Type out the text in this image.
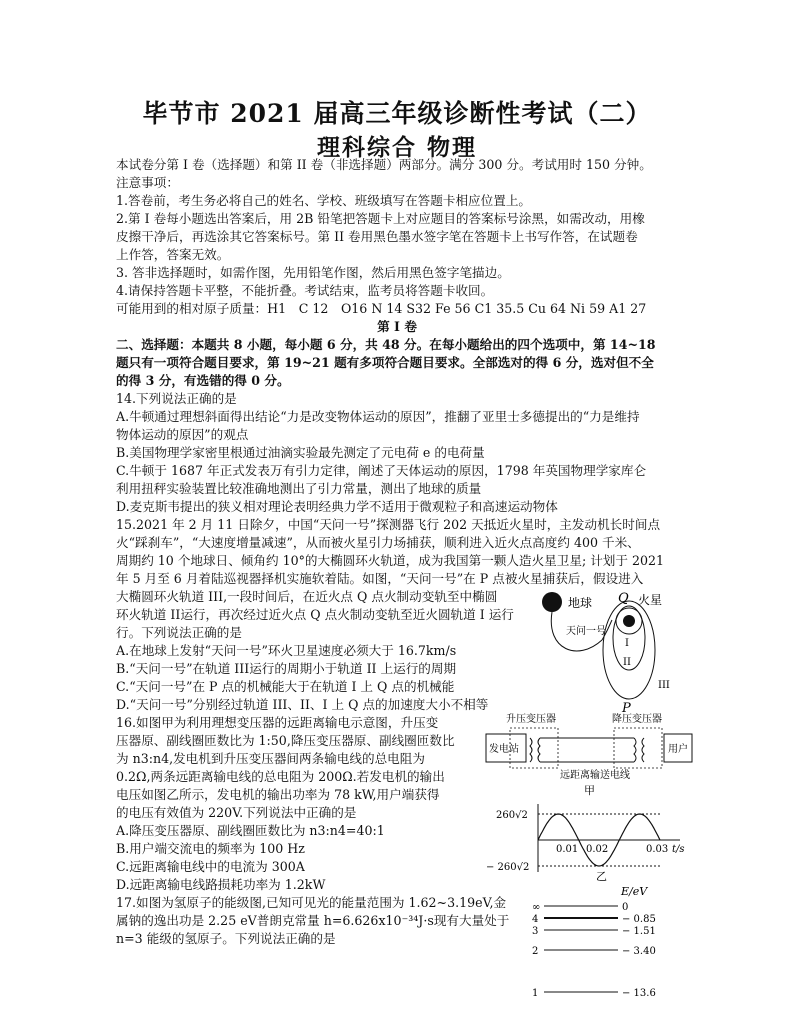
毕节市 2021 届高三年级诊断性考试（二）
理科综合 物理
本试卷分第 I 卷（选择题）和第 II 卷（非选择题）两部分。满分 300 分。考试用时 150 分钟。
注意事项：
1.答卷前，考生务必将自己的姓名、学校、班级填写在答题卡相应位置上。
2.第 I 卷每小题选出答案后，用 2B 铅笔把答题卡上对应题目的答案标号涂黑，如需改动，用橡
皮擦干净后，再选涂其它答案标号。第 II 卷用黑色墨水签字笔在答题卡上书写作答，在试题卷
上作答，答案无效。
3. 答非选择题时，如需作图，先用铅笔作图，然后用黑色签字笔描边。
4.请保持答题卡平整，不能折叠。考试结束，监考员将答题卡收回。
可能用到的相对原子质量：H1　C 12　O16 N 14 S32 Fe 56 C1 35.5 Cu 64 Ni 59 A1 27
第 I 卷
二、选择题：本题共 8 小题，每小题 6 分，共 48 分。在每小题给出的四个选项中，第 14~18
题只有一项符合题目要求，第 19~21 题有多项符合题目要求。全部选对的得 6 分，选对但不全
的得 3 分，有选错的得 0 分。
14.下列说法正确的是
A.牛顿通过理想斜面得出结论“力是改变物体运动的原因”，推翻了亚里士多德提出的“力是维持
物体运动的原因”的观点
B.美国物理学家密里根通过油滴实验最先测定了元电荷 e 的电荷量
C.牛顿于 1687 年正式发表万有引力定律，阐述了天体运动的原因，1798 年英国物理学家库仑
利用扭秤实验装置比较准确地测出了引力常量，测出了地球的质量
D.麦克斯韦提出的狭义相对理论表明经典力学不适用于微观粒子和高速运动物体
15.2021 年 2 月 11 日除夕，中国“天问一号”探测器飞行 202 天抵近火星时，主发动机长时间点
火“踩刹车”，“大速度增量减速”，从而被火星引力场捕获，顺利进入近火点高度约 400 千米、
周期约 10 个地球日、倾角约 10°的大椭圆环火轨道，成为我国第一颗人造火星卫星; 计划于 2021
年 5 月至 6 月着陆巡视器择机实施软着陆。如图，“天问一号”在 P 点被火星捕获后，假设进入
大椭圆环火轨道 III,一段时间后，在近火点 Q 点火制动变轨至中椭圆
环火轨道 II运行，再次经过近火点 Q 点火制动变轨至近火圆轨道 I 运行
行。下列说法正确的是
A.在地球上发射“天问一号”环火卫星速度必须大于 16.7km/s
B.“天问一号”在轨道 III运行的周期小于轨道 II 上运行的周期
C.“天问一号”在 P 点的机械能大于在轨道 I 上 Q 点的机械能
D.“天问一号”分别经过轨道 III、II、I 上 Q 点的加速度大小不相等
16.如图甲为利用理想变压器的远距离输电示意图，升压变
压器原、副线圈匝数比为 1:50,降压变压器原、副线圈匝数比
为 n3:n4,发电机到升压变压器间两条输电线的总电阻为
0.2Ω,两条远距离输电线的总电阻为 200Ω.若发电机的输出
电压如图乙所示，发电机的输出功率为 78 kW,用户端获得
的电压有效值为 220V.下列说法中正确的是
A.降压变压器原、副线圈匝数比为 n3:n4=40:1
B.用户端交流电的频率为 100 Hz
C.远距离输电线中的电流为 300A
D.远距离输电线路损耗功率为 1.2kW
17.如图为氢原子的能级图,已知可见光的能量范围为 1.62~3.19eV,金
属钠的逸出功是 2.25 eV普朗克常量 h=6.626x10⁻³⁴J·s现有大量处于
n=3 能级的氢原子。下列说法正确的是
地球
天问一号
Q 火星
I
II
III
P
升压变压器	降压变压器
发电站	用户
远距离输送电线
甲
260√2
− 260√2
0.01 0.02	0.03 t/s
乙
E/eV
∞	0
4	− 0.85
3	− 1.51
2	− 3.40
1	− 13.6
